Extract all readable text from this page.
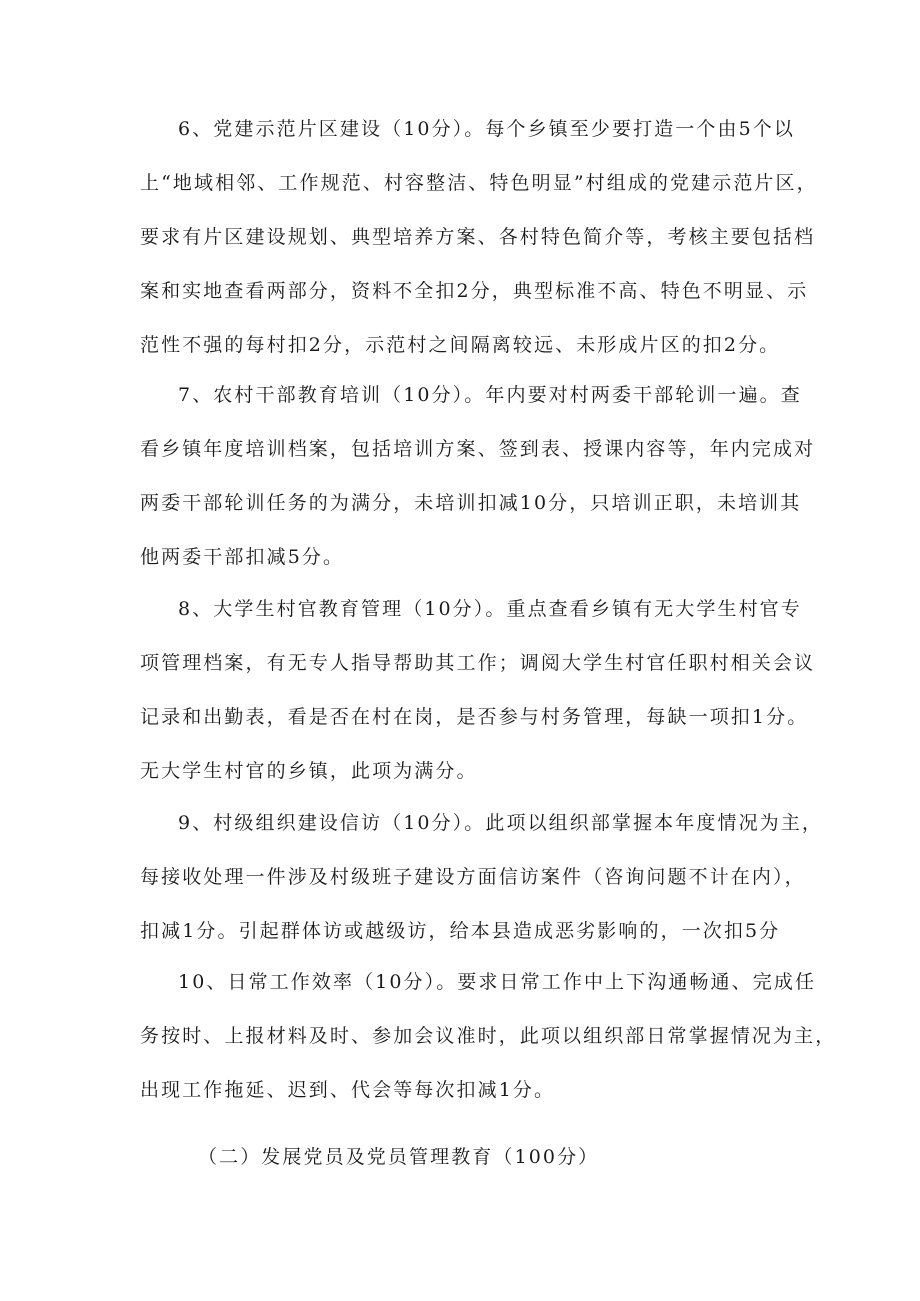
6、党建示范片区建设（10分）。每个乡镇至少要打造一个由5个以
上“地域相邻、工作规范、村容整洁、特色明显”村组成的党建示范片区，
要求有片区建设规划、典型培养方案、各村特色简介等，考核主要包括档
案和实地查看两部分，资料不全扣2分，典型标准不高、特色不明显、示
范性不强的每村扣2分，示范村之间隔离较远、未形成片区的扣2分。
7、农村干部教育培训（10分）。年内要对村两委干部轮训一遍。查
看乡镇年度培训档案，包括培训方案、签到表、授课内容等，年内完成对
两委干部轮训任务的为满分，未培训扣减10分，只培训正职，未培训其
他两委干部扣减5分。
8、大学生村官教育管理（10分）。重点查看乡镇有无大学生村官专
项管理档案，有无专人指导帮助其工作；调阅大学生村官任职村相关会议
记录和出勤表，看是否在村在岗，是否参与村务管理，每缺一项扣1分。
无大学生村官的乡镇，此项为满分。
9、村级组织建设信访（10分）。此项以组织部掌握本年度情况为主，
每接收处理一件涉及村级班子建设方面信访案件（咨询问题不计在内），
扣减1分。引起群体访或越级访，给本县造成恶劣影响的，一次扣5分
10、日常工作效率（10分）。要求日常工作中上下沟通畅通、完成任
务按时、上报材料及时、参加会议准时，此项以组织部日常掌握情况为主，
出现工作拖延、迟到、代会等每次扣减1分。
（二）发展党员及党员管理教育（100分）
